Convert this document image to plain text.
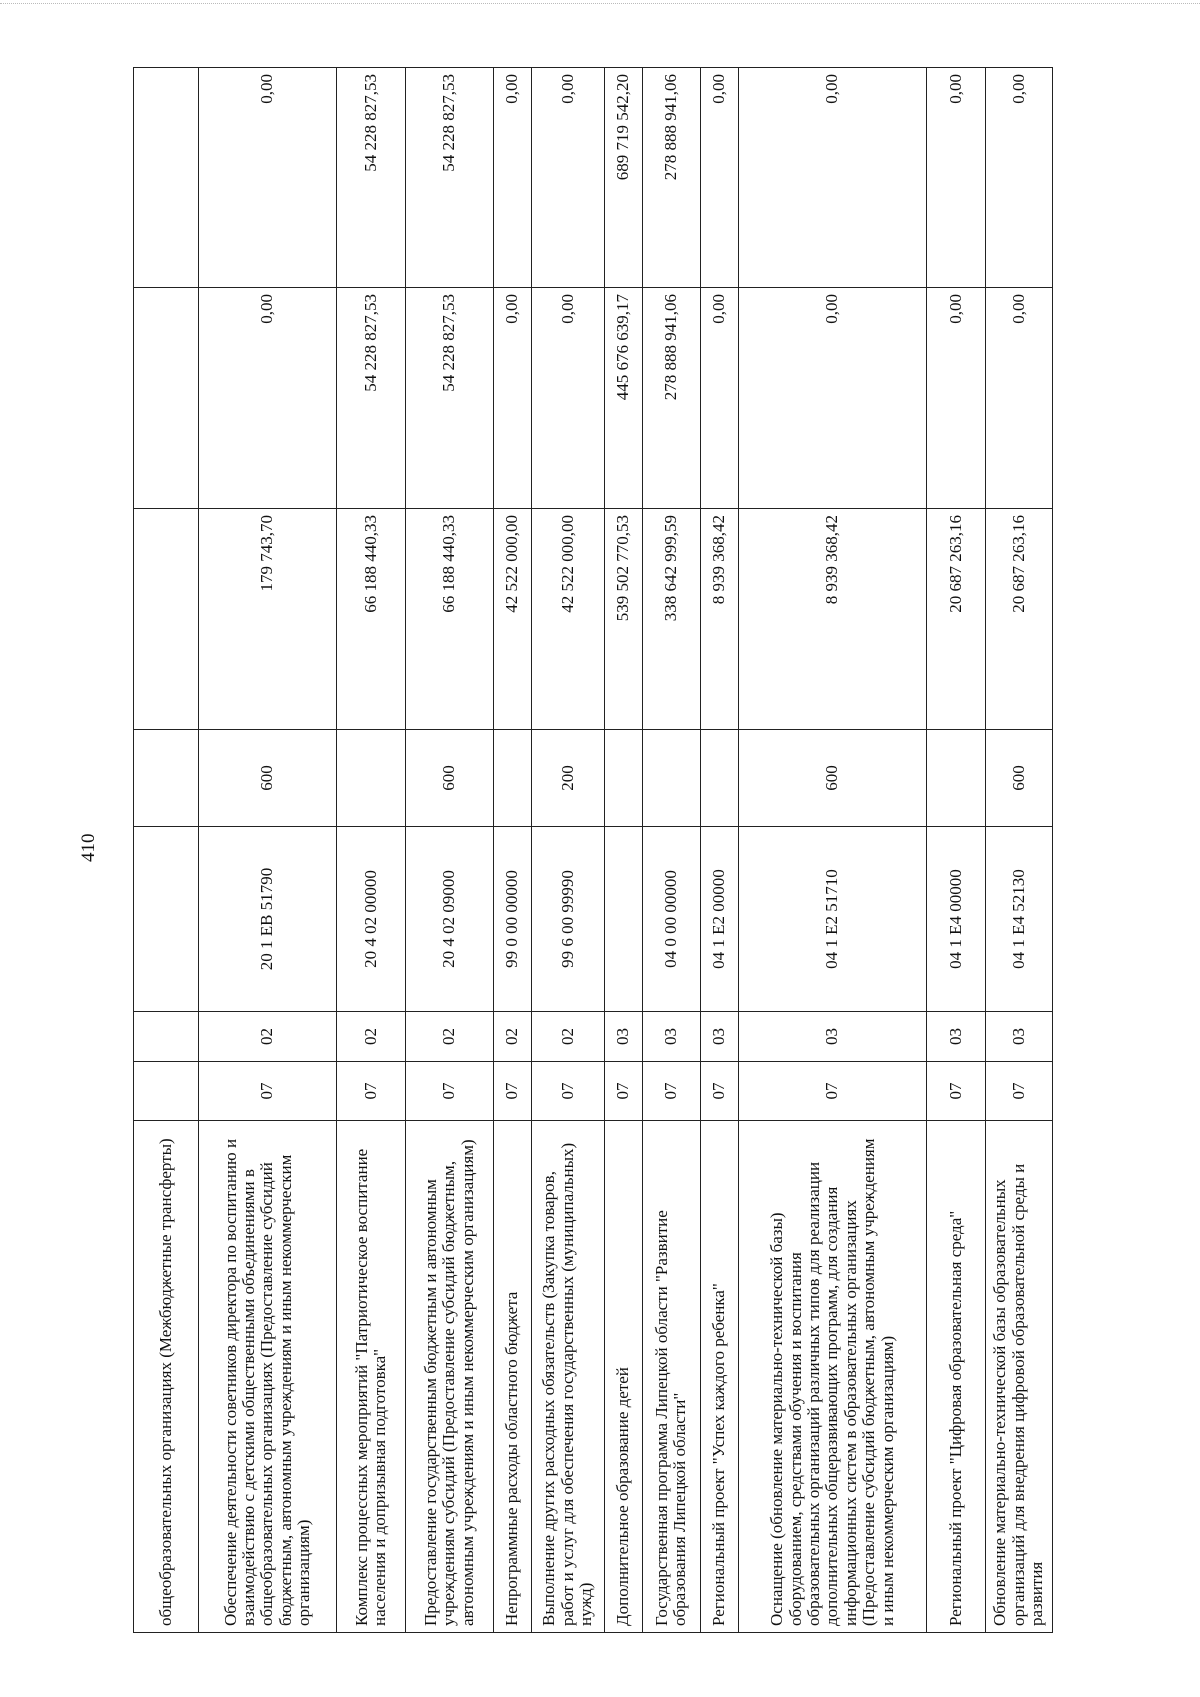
410
общеобразовательных организациях (Межбюджетные трансферты)							
Обеспечение деятельности советников директора по воспитанию и взаимодействию с детскими общественными объединениями в общеобразовательных организациях (Предоставление субсидий бюджетным, автономным учреждениям и иным некоммерческим организациям)	07	02	20 1 EB 51790	600	179 743,70	0,00	0,00
Комплекс процессных мероприятий "Патриотическое воспитание населения и допризывная подготовка"	07	02	20 4 02 00000		66 188 440,33	54 228 827,53	54 228 827,53
Предоставление государственным бюджетным и автономным учреждениям субсидий (Предоставление субсидий бюджетным, автономным учреждениям и иным некоммерческим организациям)	07	02	20 4 02 09000	600	66 188 440,33	54 228 827,53	54 228 827,53
Непрограммные расходы областного бюджета	07	02	99 0 00 00000		42 522 000,00	0,00	0,00
Выполнение других расходных обязательств (Закупка товаров, работ и услуг для обеспечения государственных (муниципальных) нужд)	07	02	99 6 00 99990	200	42 522 000,00	0,00	0,00
Дополнительное образование детей	07	03			539 502 770,53	445 676 639,17	689 719 542,20
Государственная программа Липецкой области "Развитие образования Липецкой области"	07	03	04 0 00 00000		338 642 999,59	278 888 941,06	278 888 941,06
Региональный проект "Успех каждого ребенка"	07	03	04 1 E2 00000		8 939 368,42	0,00	0,00
Оснащение (обновление материально-технической базы) оборудованием, средствами обучения и воспитания образовательных организаций различных типов для реализации дополнительных общеразвивающих программ, для создания информационных систем в образовательных организациях (Предоставление субсидий бюджетным, автономным учреждениям и иным некоммерческим организациям)	07	03	04 1 E2 51710	600	8 939 368,42	0,00	0,00
Региональный проект "Цифровая образовательная среда"	07	03	04 1 E4 00000		20 687 263,16	0,00	0,00
Обновление материально-технической базы образовательных организаций для внедрения цифровой образовательной среды и развития	07	03	04 1 E4 52130	600	20 687 263,16	0,00	0,00
